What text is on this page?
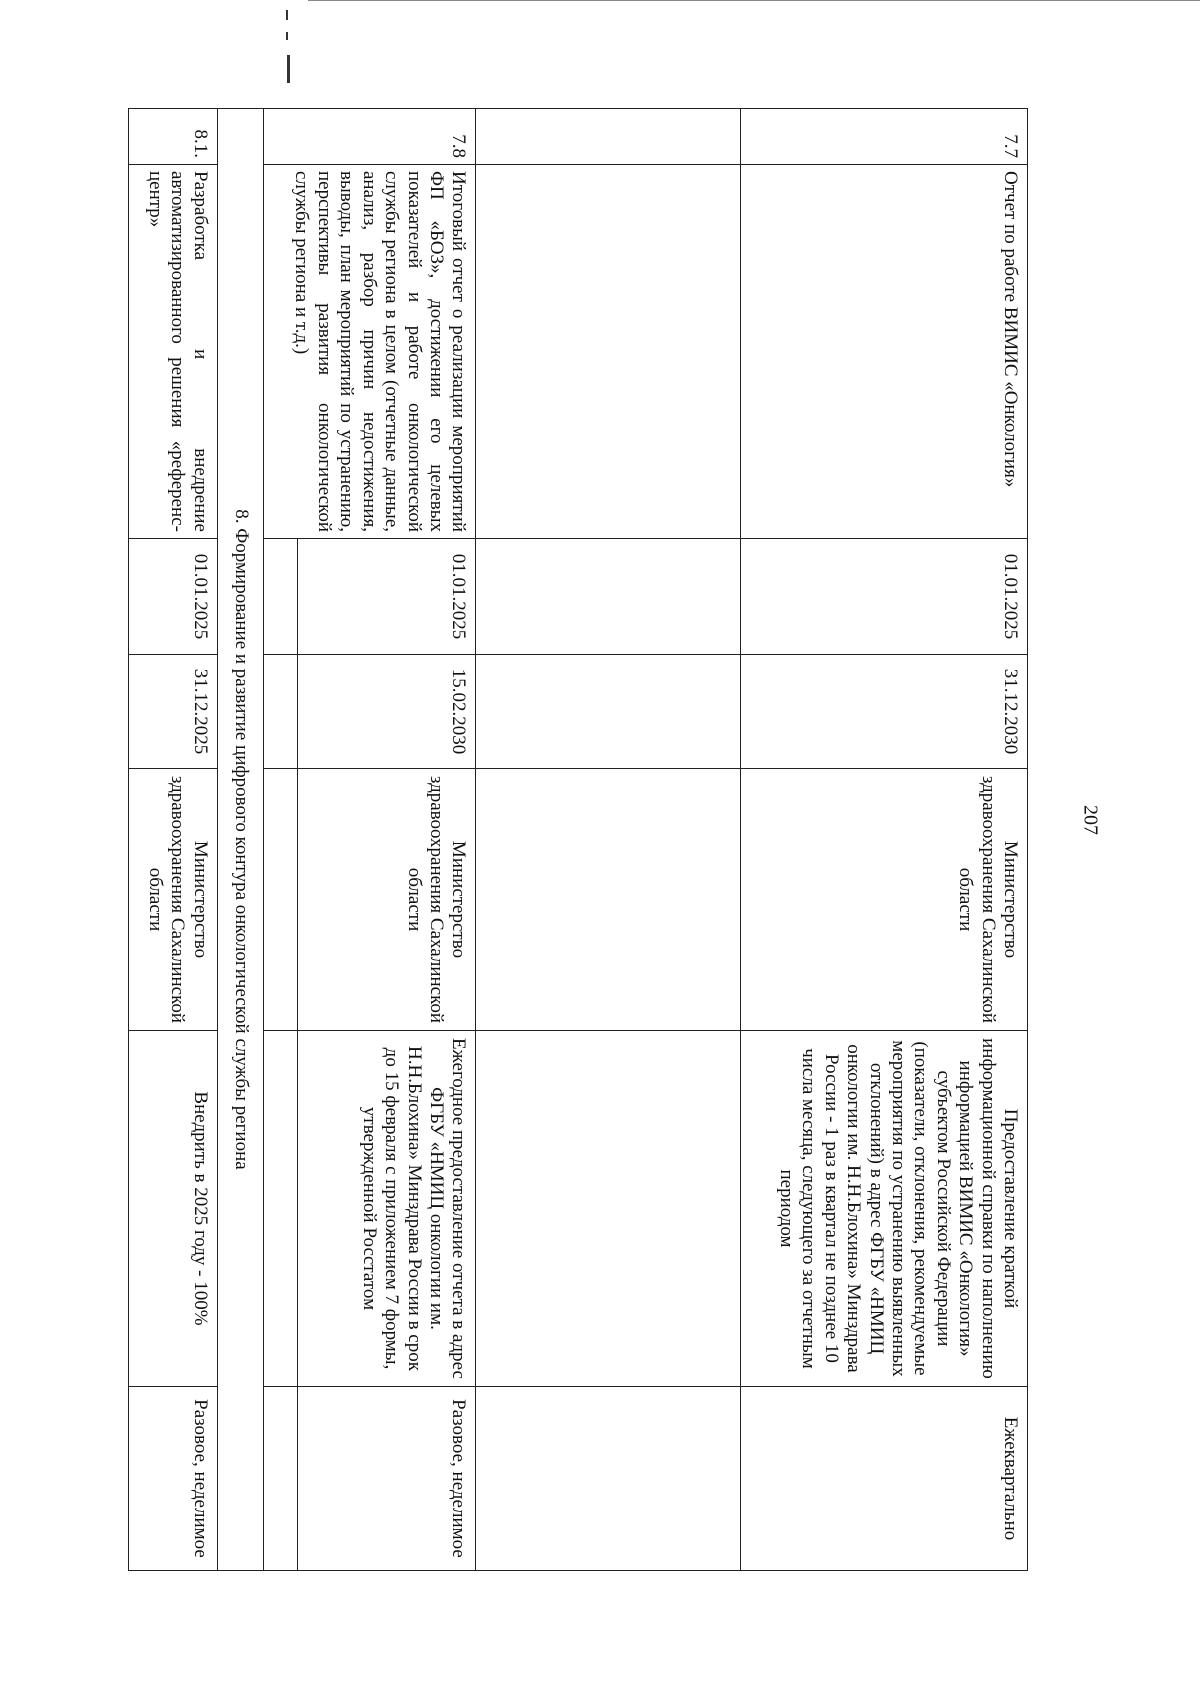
207
7.7	Отчет по работе ВИМИС «Онкология»	01.01.2025	31.12.2030	Министерство здравоохранения Сахалинской области	Предоставление краткой информационной справки по наполнению информацией ВИМИС «Онкология» субъектом Российской Федерации (показатели, отклонения, рекомендуемые мероприятия по устранению выявленных отклонений) в адрес ФГБУ «НМИЦ онкологии им. Н.Н.Блохина» Минздрава России - 1 раз в квартал не позднее 10 числа месяца, следующего за отчетным периодом	Ежеквартально

7.8	Итоговый отчет о реализации мероприятий ФП «БОЗ», достижении его целевых показателей и работе онкологической службы региона в целом (отчетные данные, анализ, разбор причин недостижения, выводы, план мероприятий по устранению, перспективы развития онкологической службы региона и т.д.)	01.01.2025	15.02.2030	Министерство здравоохранения Сахалинской области	Ежегодное предоставление отчета в адрес ФГБУ «НМИЦ онкологии им. Н.Н.Блохина» Минздрава России в срок до 15 февраля с приложением 7 формы, утвержденной Росстатом	Разовое, неделимое

8. Формирование и развитие цифрового контура онкологической службы региона						
8.1.	Разработка и внедрение автоматизированного решения «референс-центр»	01.01.2025	31.12.2025	Министерство здравоохранения Сахалинской области	Внедрить в 2025 году - 100%	Разовое, неделимое
